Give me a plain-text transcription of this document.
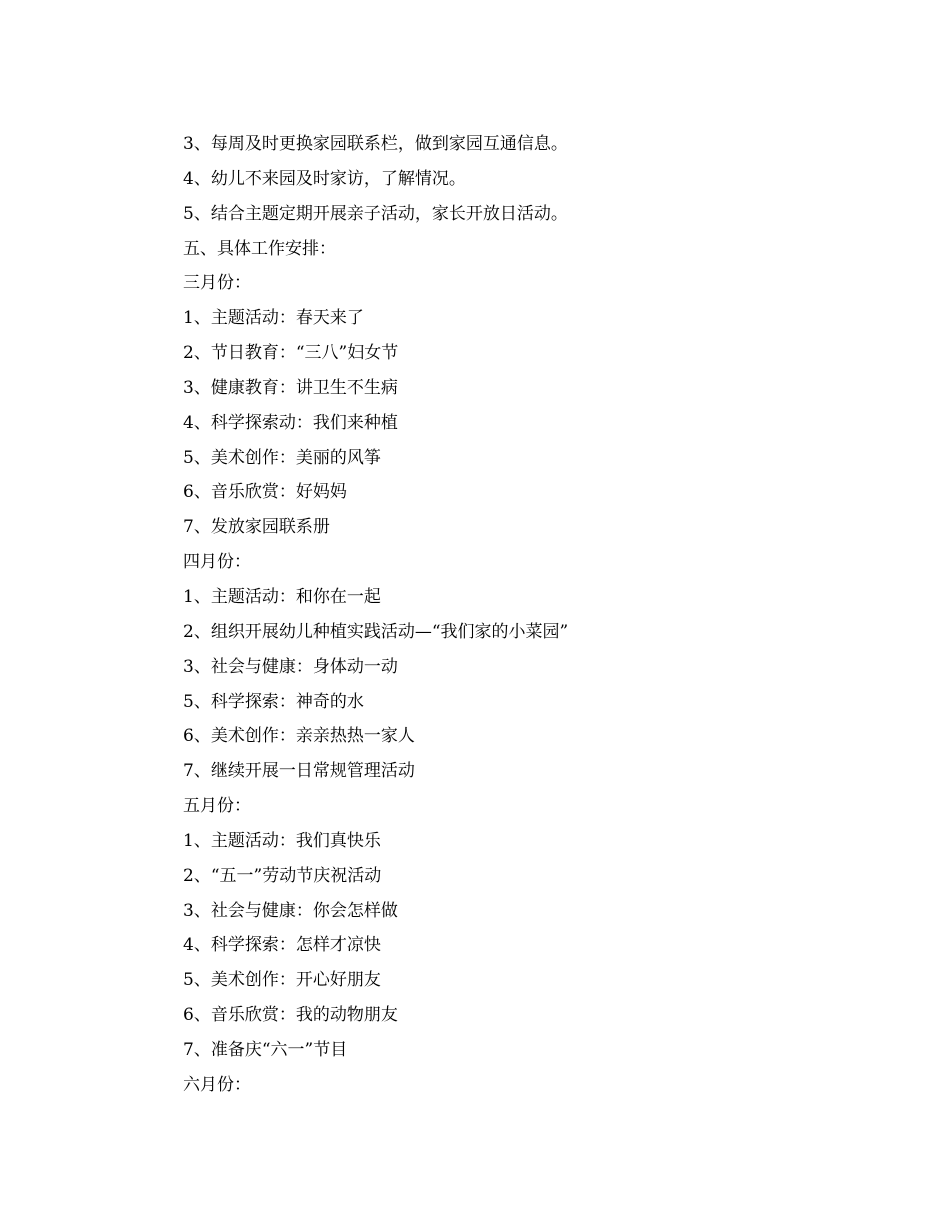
3、每周及时更换家园联系栏，做到家园互通信息。
4、幼儿不来园及时家访，了解情况。
5、结合主题定期开展亲子活动，家长开放日活动。
五、具体工作安排：
三月份：
1、主题活动：春天来了
2、节日教育：“三八”妇女节
3、健康教育：讲卫生不生病
4、科学探索动：我们来种植
5、美术创作：美丽的风筝
6、音乐欣赏：好妈妈
7、发放家园联系册
四月份：
1、主题活动：和你在一起
2、组织开展幼儿种植实践活动—“我们家的小菜园”
3、社会与健康：身体动一动
5、科学探索：神奇的水
6、美术创作：亲亲热热一家人
7、继续开展一日常规管理活动
五月份：
1、主题活动：我们真快乐
2、“五一”劳动节庆祝活动
3、社会与健康：你会怎样做
4、科学探索：怎样才凉快
5、美术创作：开心好朋友
6、音乐欣赏：我的动物朋友
7、准备庆“六一”节目
六月份：
